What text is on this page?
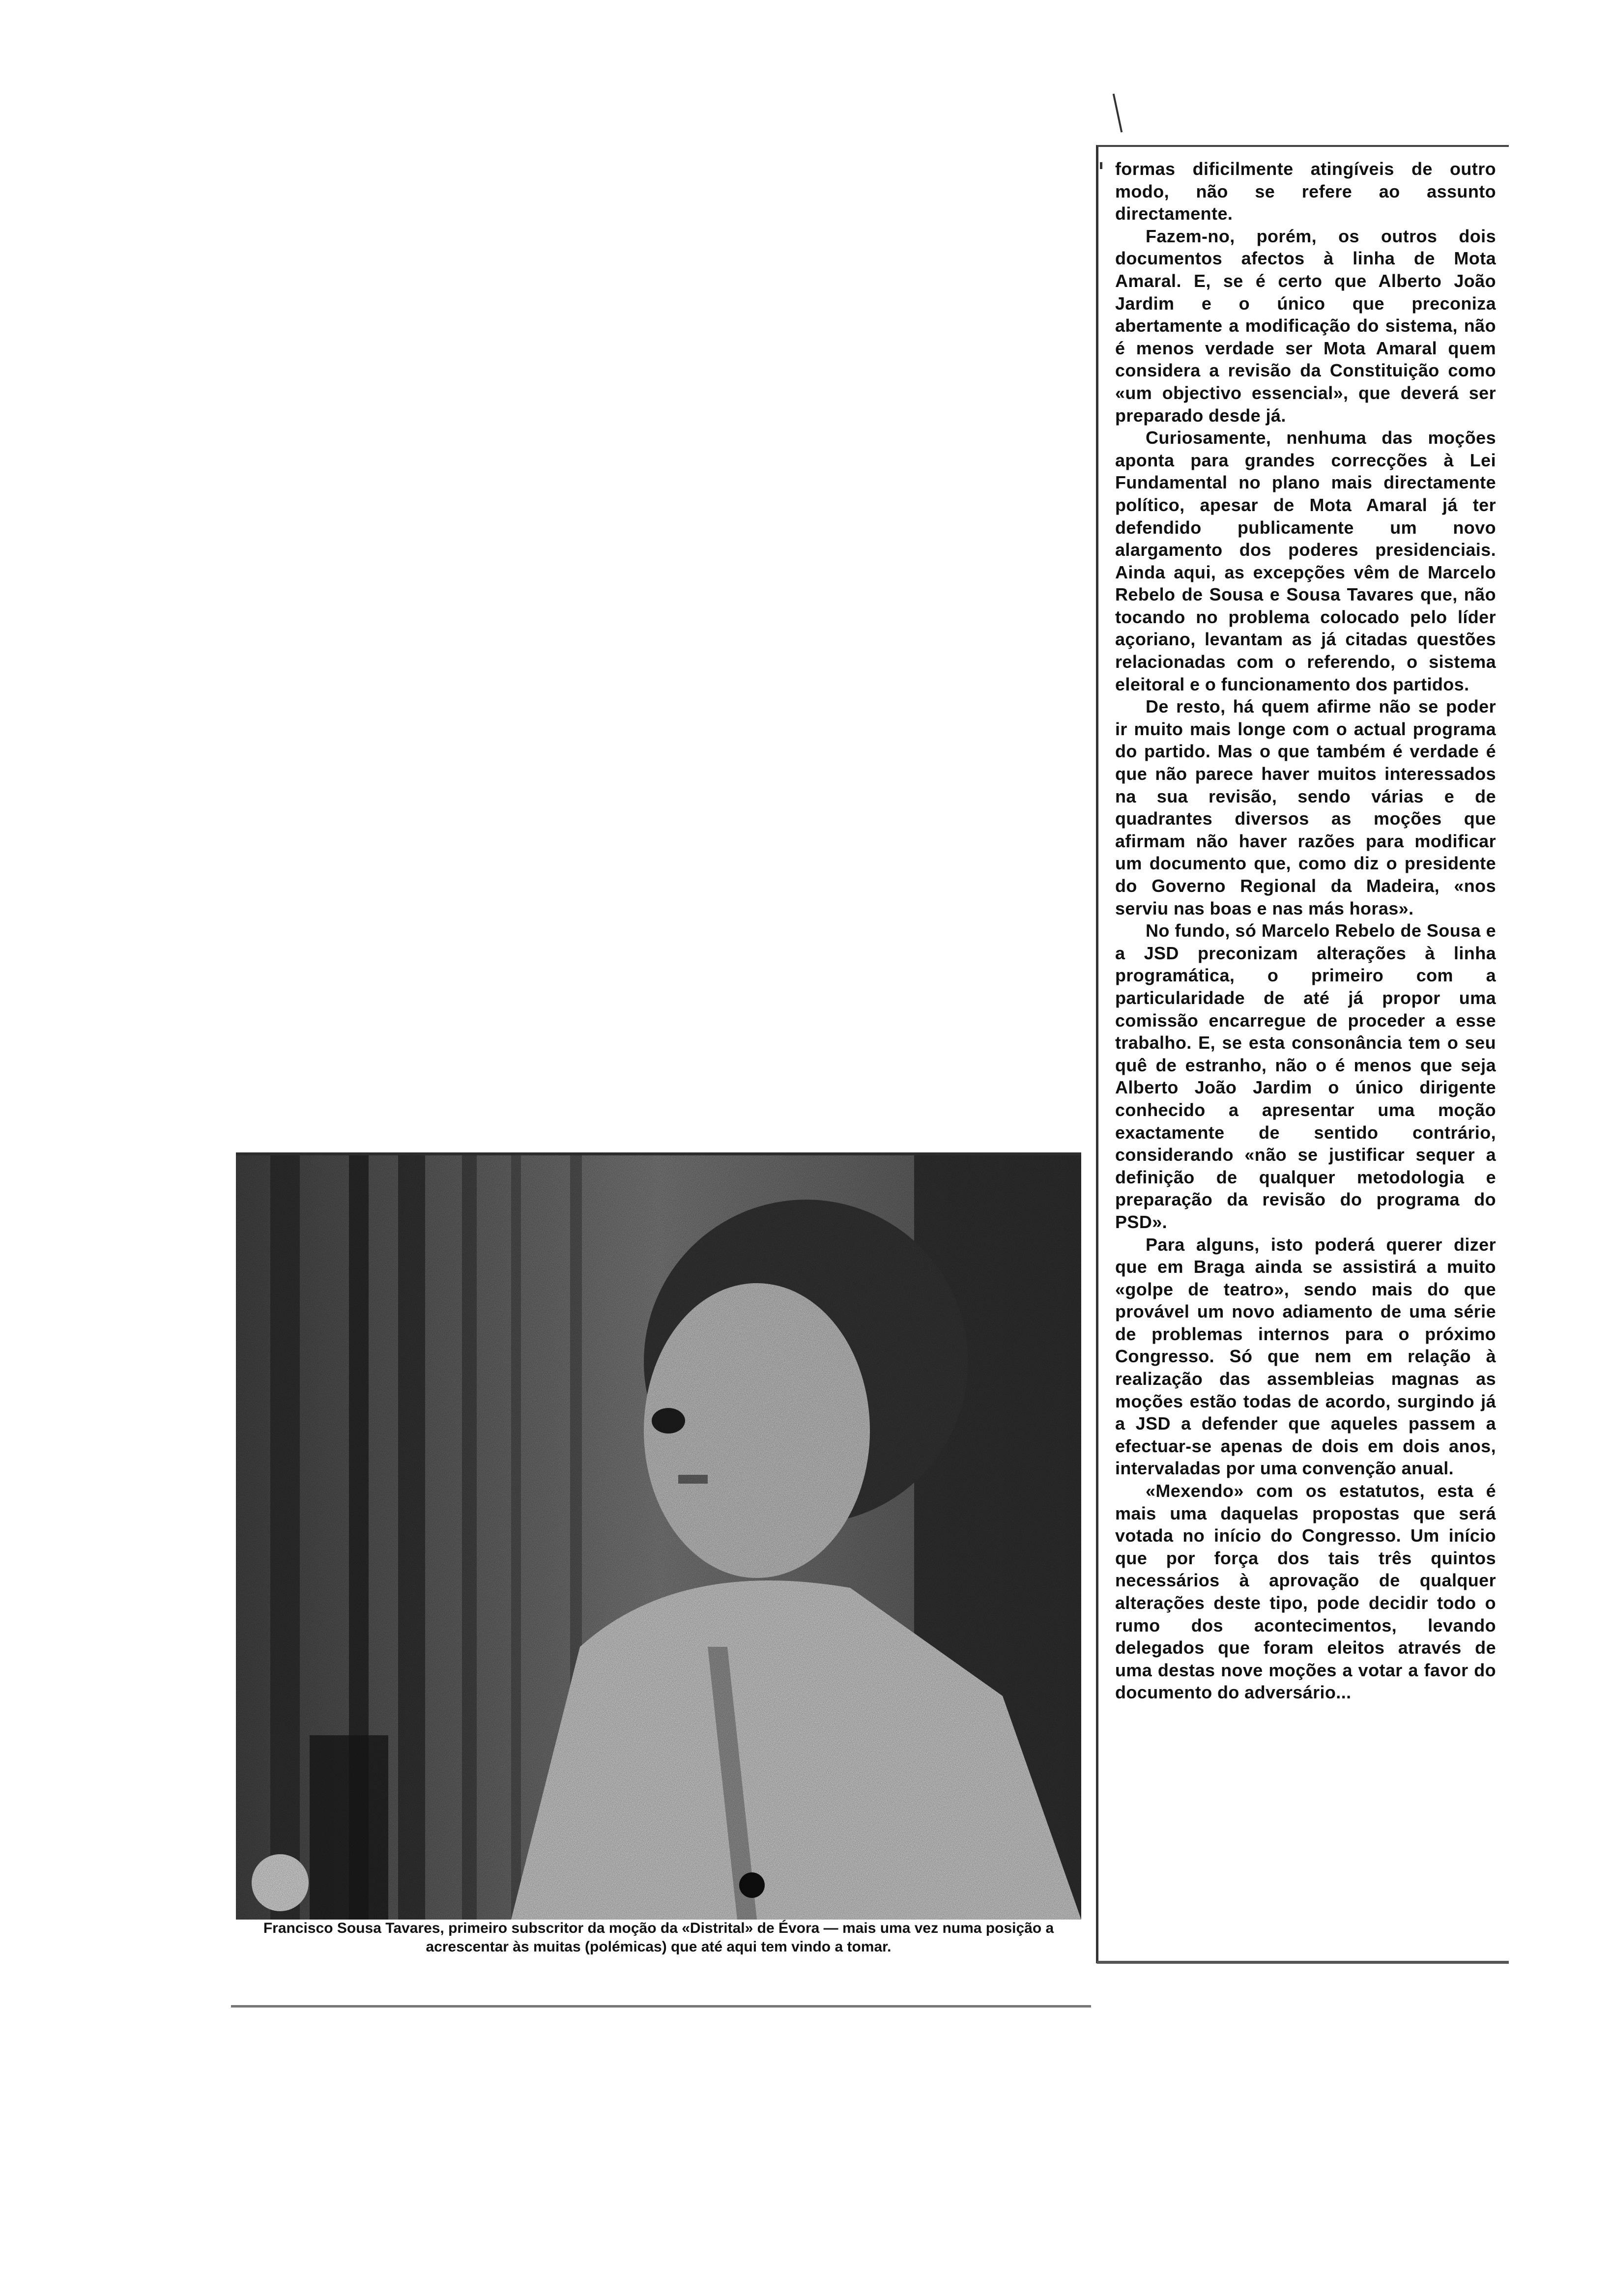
formas dificilmente atingíveis de outro modo, não se refere ao assunto directamente.

Fazem-no, porém, os outros dois documentos afectos à linha de Mota Amaral. E, se é certo que Alberto João Jardim e o único que preconiza abertamente a modificação do sistema, não é menos verdade ser Mota Amaral quem considera a revisão da Constituição como «um objectivo essencial», que deverá ser preparado desde já.

Curiosamente, nenhuma das moções aponta para grandes correcções à Lei Fundamental no plano mais directamente político, apesar de Mota Amaral já ter defendido publicamente um novo alargamento dos poderes presidenciais. Ainda aqui, as excepções vêm de Marcelo Rebelo de Sousa e Sousa Tavares que, não tocando no problema colocado pelo líder açoriano, levantam as já citadas questões relacionadas com o referendo, o sistema eleitoral e o funcionamento dos partidos.

De resto, há quem afirme não se poder ir muito mais longe com o actual programa do partido. Mas o que também é verdade é que não parece haver muitos interessados na sua revisão, sendo várias e de quadrantes diversos as moções que afirmam não haver razões para modificar um documento que, como diz o presidente do Governo Regional da Madeira, «nos serviu nas boas e nas más horas».

No fundo, só Marcelo Rebelo de Sousa e a JSD preconizam alterações à linha programática, o primeiro com a particularidade de até já propor uma comissão encarregue de proceder a esse trabalho. E, se esta consonância tem o seu quê de estranho, não o é menos que seja Alberto João Jardim o único dirigente conhecido a apresentar uma moção exactamente de sentido contrário, considerando «não se justificar sequer a definição de qualquer metodologia e preparação da revisão do programa do PSD».

Para alguns, isto poderá querer dizer que em Braga ainda se assistirá a muito «golpe de teatro», sendo mais do que provável um novo adiamento de uma série de problemas internos para o próximo Congresso. Só que nem em relação à realização das assembleias magnas as moções estão todas de acordo, surgindo já a JSD a defender que aqueles passem a efectuar-se apenas de dois em dois anos, intervaladas por uma convenção anual.

«Mexendo» com os estatutos, esta é mais uma daquelas propostas que será votada no início do Congresso. Um início que por força dos tais três quintos necessários à aprovação de qualquer alterações deste tipo, pode decidir todo o rumo dos acontecimentos, levando delegados que foram eleitos através de uma destas nove moções a votar a favor do documento do adversário...

Francisco Sousa Tavares, primeiro subscritor da moção da «Distrital» de Évora — mais uma vez numa posição a acrescentar às muitas (polémicas) que até aqui tem vindo a tomar.
